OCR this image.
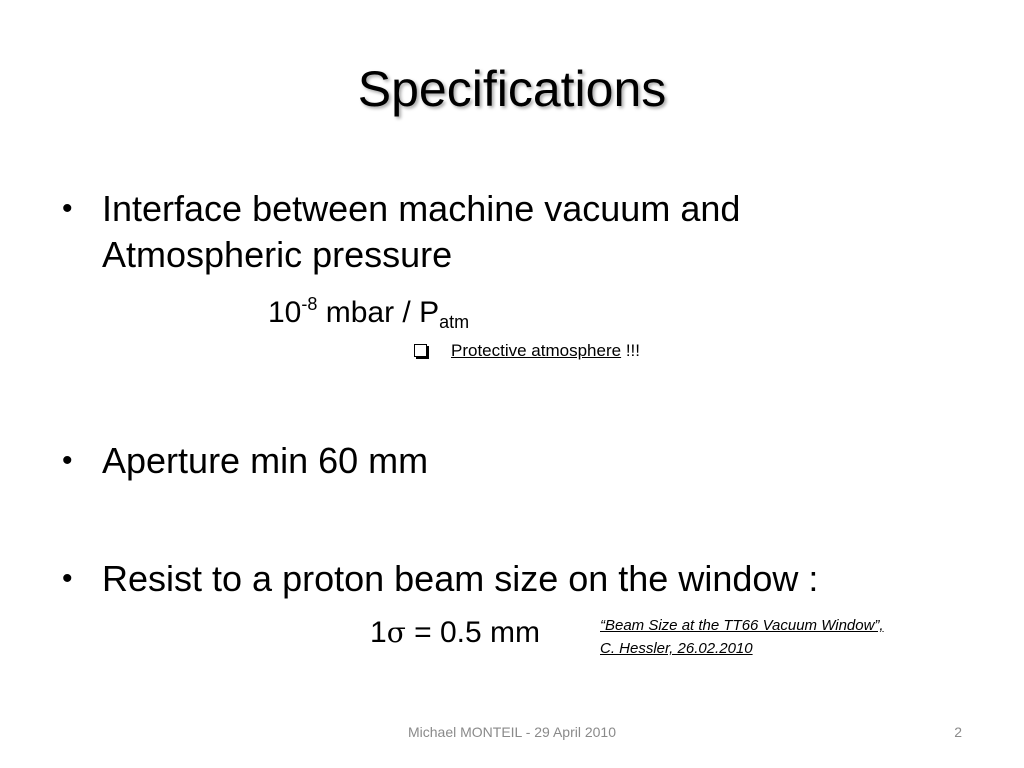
Specifications
• Interface between machine vacuum and
Atmospheric pressure
$10^{-8}$ mbar / $P_{atm}$
Protective atmosphere !!!
• Aperture min 60 mm
• Resist to a proton beam size on the window :
1σ = 0.5 mm	“Beam Size at the TT66 Vacuum Window”,
C. Hessler, 26.02.2010
Michael MONTEIL - 29 April 2010	2
